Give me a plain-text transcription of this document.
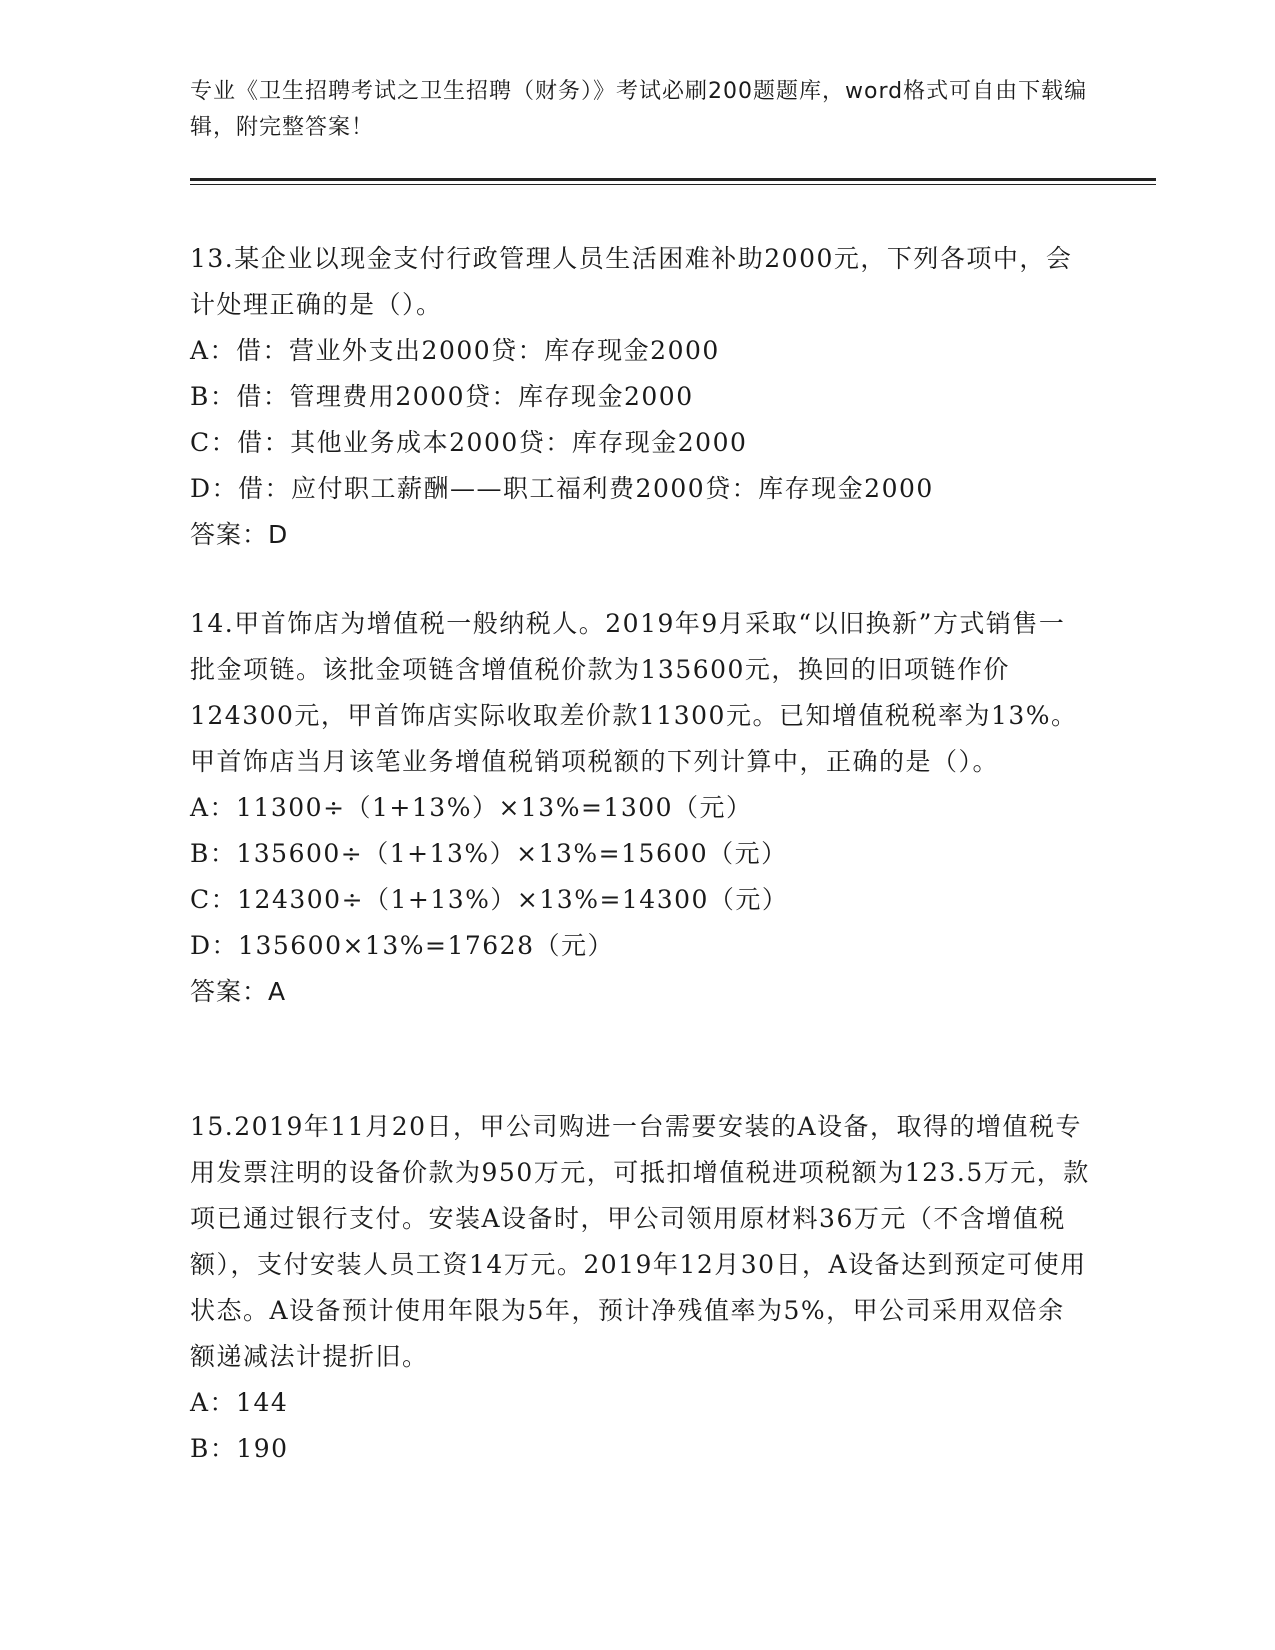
专业《卫生招聘考试之卫生招聘（财务）》考试必刷200题题库，word格式可自由下载编辑，附完整答案！
13.某企业以现金支付行政管理人员生活困难补助2000元，下列各项中，会计处理正确的是（）。
A：借：营业外支出2000贷：库存现金2000
B：借：管理费用2000贷：库存现金2000
C：借：其他业务成本2000贷：库存现金2000
D：借：应付职工薪酬——职工福利费2000贷：库存现金2000
答案：D
14.甲首饰店为增值税一般纳税人。2019年9月采取“以旧换新”方式销售一批金项链。该批金项链含增值税价款为135600元，换回的旧项链作价124300元，甲首饰店实际收取差价款11300元。已知增值税税率为13%。甲首饰店当月该笔业务增值税销项税额的下列计算中，正确的是（）。
A：11300÷（1+13%）×13%=1300（元）
B：135600÷（1+13%）×13%=15600（元）
C：124300÷（1+13%）×13%=14300（元）
D：135600×13%=17628（元）
答案：A
15.2019年11月20日，甲公司购进一台需要安装的A设备，取得的增值税专用发票注明的设备价款为950万元，可抵扣增值税进项税额为123.5万元，款项已通过银行支付。安装A设备时，甲公司领用原材料36万元（不含增值税额），支付安装人员工资14万元。2019年12月30日，A设备达到预定可使用状态。A设备预计使用年限为5年，预计净残值率为5%，甲公司采用双倍余额递减法计提折旧。
A：144
B：190
